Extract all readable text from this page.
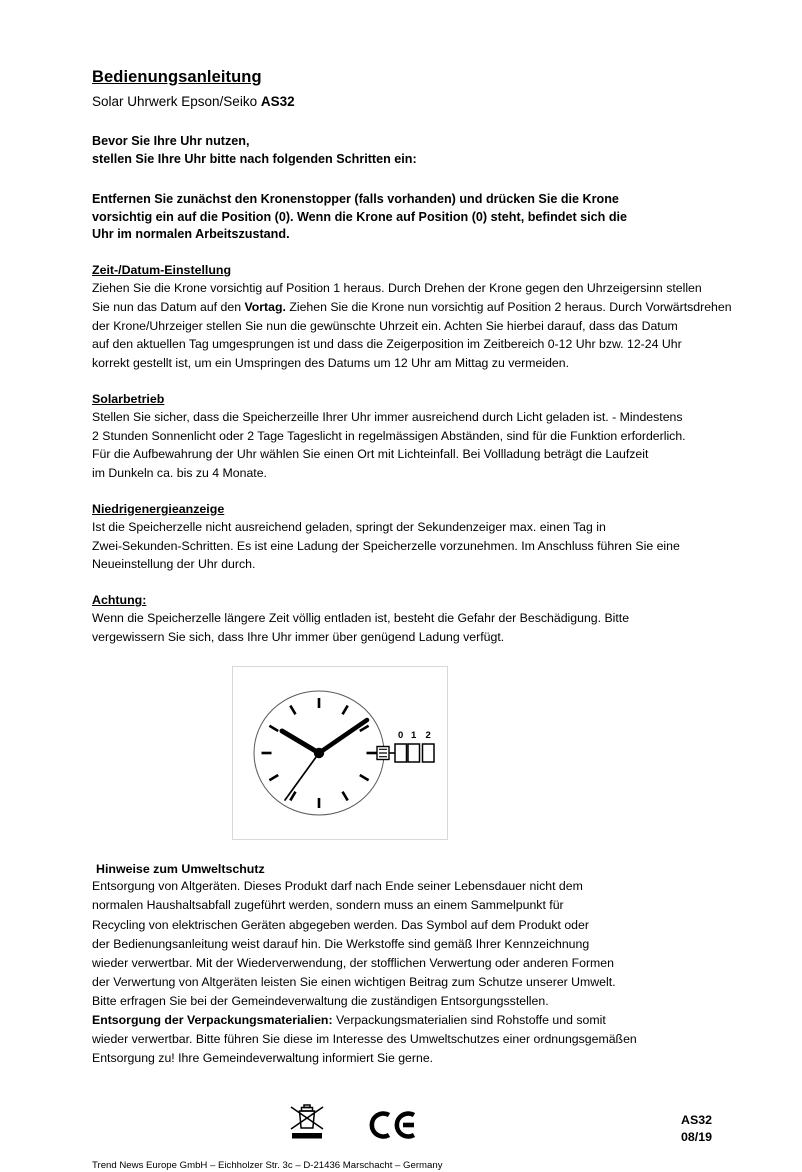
Bedienungsanleitung
Solar Uhrwerk Epson/Seiko AS32
Bevor Sie Ihre Uhr nutzen,
stellen Sie Ihre Uhr bitte nach folgenden Schritten ein:
Entfernen Sie zunächst den Kronenstopper (falls vorhanden) und drücken Sie die Krone
vorsichtig ein auf die Position (0). Wenn die Krone auf Position (0) steht, befindet sich die
Uhr im normalen Arbeitszustand.
Zeit-/Datum-Einstellung
Ziehen Sie die Krone vorsichtig auf Position 1 heraus. Durch Drehen der Krone gegen den Uhrzeigersinn stellen
Sie nun das Datum auf den Vortag. Ziehen Sie die Krone nun vorsichtig auf Position 2 heraus. Durch Vorwärtsdrehen
der Krone/Uhrzeiger stellen Sie nun die gewünschte Uhrzeit ein. Achten Sie hierbei darauf, dass das Datum
auf den aktuellen Tag umgesprungen ist und dass die Zeigerposition im Zeitbereich 0-12 Uhr bzw. 12-24 Uhr
korrekt gestellt ist, um ein Umspringen des Datums um 12 Uhr am Mittag zu vermeiden.
Solarbetrieb
Stellen Sie sicher, dass die Speicherzeille Ihrer Uhr immer ausreichend durch Licht geladen ist. - Mindestens
2 Stunden Sonnenlicht oder 2 Tage Tageslicht in regelmässigen Abständen, sind für die Funktion erforderlich.
Für die Aufbewahrung der Uhr wählen Sie einen Ort mit Lichteinfall. Bei Vollladung beträgt die Laufzeit
im Dunkeln ca. bis zu 4 Monate.
Niedrigenergieanzeige
Ist die Speicherzelle nicht ausreichend geladen, springt der Sekundenzeiger max. einen Tag in
Zwei-Sekunden-Schritten. Es ist eine Ladung der Speicherzelle vorzunehmen. Im Anschluss führen Sie eine
Neueinstellung der Uhr durch.
Achtung:
Wenn die Speicherzelle längere Zeit völlig entladen ist, besteht die Gefahr der Beschädigung. Bitte
vergewissern Sie sich, dass Ihre Uhr immer über genügend Ladung verfügt.
0 1 2
Hinweise zum Umweltschutz
Entsorgung von Altgeräten. Dieses Produkt darf nach Ende seiner Lebensdauer nicht dem
normalen Haushaltsabfall zugeführt werden, sondern muss an einem Sammelpunkt für
Recycling von elektrischen Geräten abgegeben werden. Das Symbol auf dem Produkt oder
der Bedienungsanleitung weist darauf hin. Die Werkstoffe sind gemäß Ihrer Kennzeichnung
wieder verwertbar. Mit der Wiederverwendung, der stofflichen Verwertung oder anderen Formen
der Verwertung von Altgeräten leisten Sie einen wichtigen Beitrag zum Schutze unserer Umwelt.
Bitte erfragen Sie bei der Gemeindeverwaltung die zuständigen Entsorgungsstellen.
Entsorgung der Verpackungsmaterialien: Verpackungsmaterialien sind Rohstoffe und somit
wieder verwertbar. Bitte führen Sie diese im Interesse des Umweltschutzes einer ordnungsgemäßen
Entsorgung zu! Ihre Gemeindeverwaltung informiert Sie gerne.
AS32
08/19
Trend News Europe GmbH – Eichholzer Str. 3c – D-21436 Marschacht – Germany
